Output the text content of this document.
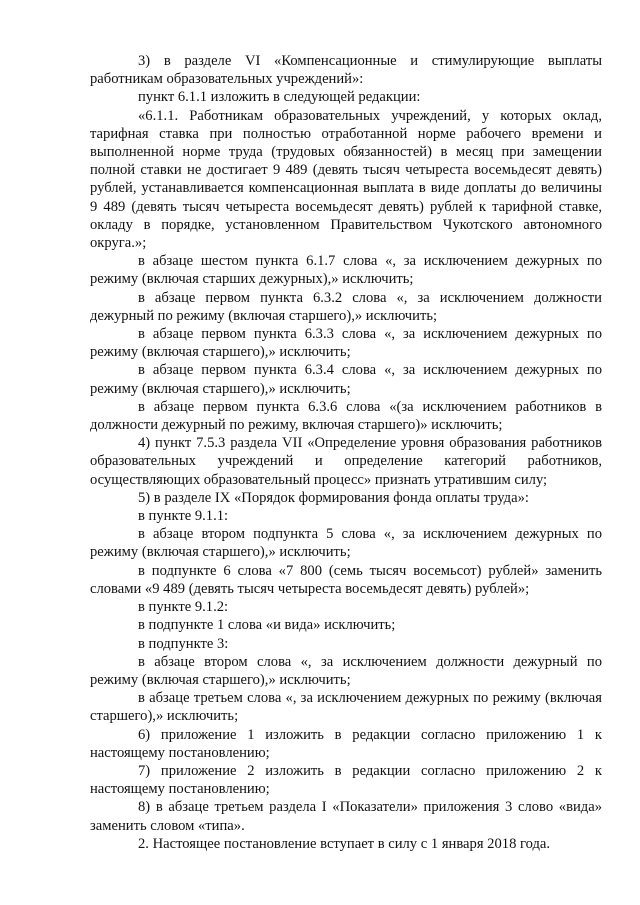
3) в разделе VI «Компенсационные и стимулирующие выплаты работникам образовательных учреждений»:

пункт 6.1.1 изложить в следующей редакции:

«6.1.1. Работникам образовательных учреждений, у которых оклад, тарифная ставка при полностью отработанной норме рабочего времени и выполненной норме труда (трудовых обязанностей) в месяц при замещении полной ставки не достигает 9 489 (девять тысяч четыреста восемьдесят девять) рублей, устанавливается компенсационная выплата в виде доплаты до величины 9 489 (девять тысяч четыреста восемьдесят девять) рублей к тарифной ставке, окладу в порядке, установленном Правительством Чукотского автономного округа.»;

в абзаце шестом пункта 6.1.7 слова «, за исключением дежурных по режиму (включая старших дежурных),» исключить;

в абзаце первом пункта 6.3.2 слова «, за исключением должности дежурный по режиму (включая старшего),» исключить;

в абзаце первом пункта 6.3.3 слова «, за исключением дежурных по режиму (включая старшего),» исключить;

в абзаце первом пункта 6.3.4 слова «, за исключением дежурных по режиму (включая старшего),» исключить;

в абзаце первом пункта 6.3.6 слова «(за исключением работников в должности дежурный по режиму, включая старшего)» исключить;

4) пункт 7.5.3 раздела VII «Определение уровня образования работников образовательных учреждений и определение категорий работников, осуществляющих образовательный процесс» признать утратившим силу;

5) в разделе IX «Порядок формирования фонда оплаты труда»:

в пункте 9.1.1:

в абзаце втором подпункта 5 слова «, за исключением дежурных по режиму (включая старшего),» исключить;

в подпункте 6 слова «7 800 (семь тысяч восемьсот) рублей» заменить словами «9 489 (девять тысяч четыреста восемьдесят девять) рублей»;

в пункте 9.1.2:

в подпункте 1 слова «и вида» исключить;

в подпункте 3:

в абзаце втором слова «, за исключением должности дежурный по режиму (включая старшего),» исключить;

в абзаце третьем слова «, за исключением дежурных по режиму (включая старшего),» исключить;

6) приложение 1 изложить в редакции согласно приложению 1 к настоящему постановлению;

7) приложение 2 изложить в редакции согласно приложению 2 к настоящему постановлению;

8) в абзаце третьем раздела I «Показатели» приложения 3 слово «вида» заменить словом «типа».

2. Настоящее постановление вступает в силу с 1 января 2018 года.
